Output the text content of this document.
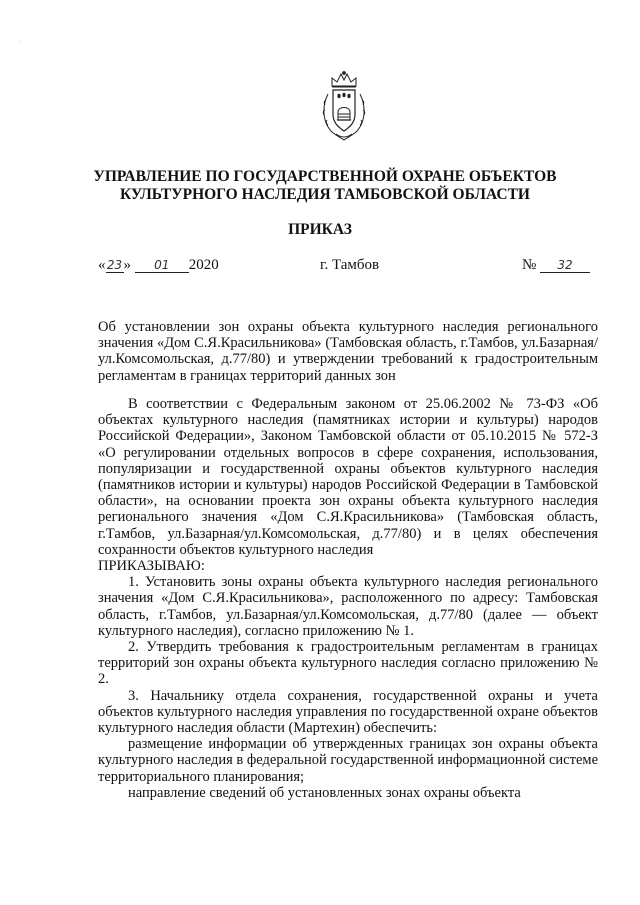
˙
УПРАВЛЕНИЕ ПО ГОСУДАРСТВЕННОЙ ОХРАНЕ ОБЪЕКТОВ
КУЛЬТУРНОГО НАСЛЕДИЯ ТАМБОВСКОЙ ОБЛАСТИ
ПРИКАЗ
«23» 01 2020	г. Тамбов	№ 32
Об установлении зон охраны объекта культурного наследия регионального значения «Дом С.Я.Красильникова» (Тамбовская область, г.Тамбов, ул.Базарная/ул.Комсомольская, д.77/80) и утверждении требований к градостроительным регламентам в границах территорий данных зон

В соответствии с Федеральным законом от 25.06.2002 № 73-ФЗ «Об объектах культурного наследия (памятниках истории и культуры) народов Российской Федерации», Законом Тамбовской области от 05.10.2015 № 572-З «О регулировании отдельных вопросов в сфере сохранения, использования, популяризации и государственной охраны объектов культурного наследия (памятников истории и культуры) народов Российской Федерации в Тамбовской области», на основании проекта зон охраны объекта культурного наследия регионального значения «Дом С.Я.Красильникова» (Тамбовская область, г.Тамбов, ул.Базарная/ул.Комсомольская, д.77/80) и в целях обеспечения сохранности объектов культурного наследия

ПРИКАЗЫВАЮ:

1. Установить зоны охраны объекта культурного наследия регионального значения «Дом С.Я.Красильникова», расположенного по адресу: Тамбовская область, г.Тамбов, ул.Базарная/ул.Комсомольская, д.77/80 (далее — объект культурного наследия), согласно приложению № 1.

2. Утвердить требования к градостроительным регламентам в границах территорий зон охраны объекта культурного наследия согласно приложению № 2.

3. Начальнику отдела сохранения, государственной охраны и учета объектов культурного наследия управления по государственной охране объектов культурного наследия области (Мартехин) обеспечить:

размещение информации об утвержденных границах зон охраны объекта культурного наследия в федеральной государственной информационной системе территориального планирования;

направление сведений об установленных зонах охраны объекта
